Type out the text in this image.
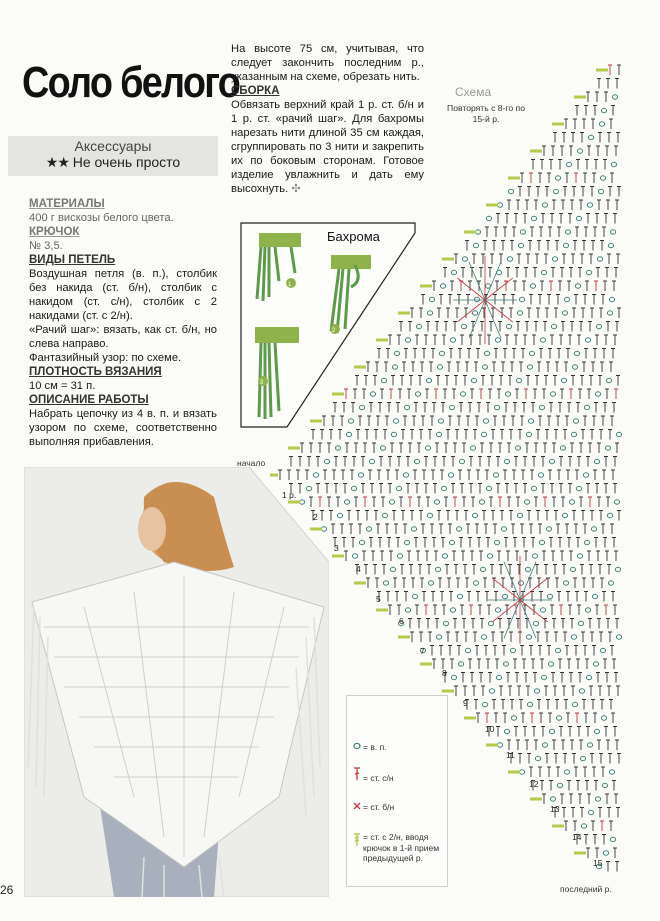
Соло белого
Аксессуары
★★ Не очень просто
МАТЕРИАЛЫ
400 г вискозы белого цвета.
КРЮЧОК
№ 3,5.
ВИДЫ ПЕТЕЛЬ
Воздушная петля (в. п.), столбик без накида (ст. б/н), столбик с накидом (ст. с/н), столбик с 2 накидами (ст. с 2/н).
«Рачий шаг»: вязать, как ст. б/н, но слева направо.
Фантазийный узор: по схеме.
ПЛОТНОСТЬ ВЯЗАНИЯ
10 см = 31 п.
ОПИСАНИЕ РАБОТЫ
Набрать цепочку из 4 в. п. и вязать узором по схеме, соответственно выполняя прибавления.
На высоте 75 см, учитывая, что следует закончить последним р., указанным на схеме, обрезать нить.
СБОРКА
Обвязать верхний край 1 р. ст. б/н и 1 р. ст. «рачий шаг». Для бахромы нарезать нити длиной 35 см каждая, сгруппировать по 3 нити и закрепить их по боковым сторонам. Готовое изделие увлажнить и дать ему высохнуть. ✣
Бахрома
1
2
3
Схема
Повторять с 8-го по 15-й р.
начало
последний р.
1 р.
2
3
4
5
6
7
8
9
10
11
12
13
14
15
= в. п.
= ст. с/н
= ст. б/н
= ст. с 2/н, вводя крючок в 1-й прием предыдущей р.
26
